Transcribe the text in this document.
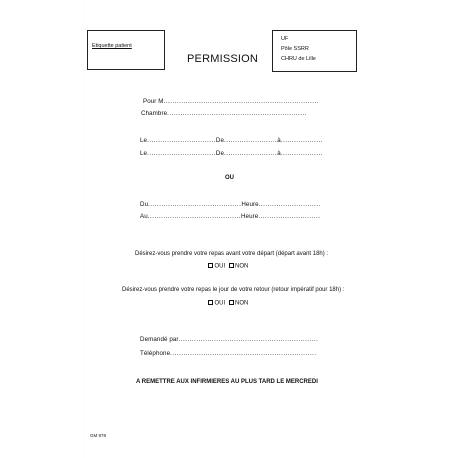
Etiquette patient
PERMISSION
UF
Pôle SSRR
CHRU de Lille
Pour M......................................................................
Chambre...............................................................
Le...............................De........................à...................
Le...............................De........................à...................
OU
Du..........................................Heure............................
Au..........................................Heure............................
Désirez-vous prendre votre repas avant votre départ (départ avant 18h) :
OUI NON
Désirez-vous prendre votre repas le jour de votre retour (retour impératif pour 18h) :
OUI NON
Demandé par...............................................................
Téléphone..................................................................
A REMETTRE AUX INFIRMIERES AU PLUS TARD LE MERCREDI
GM 878
